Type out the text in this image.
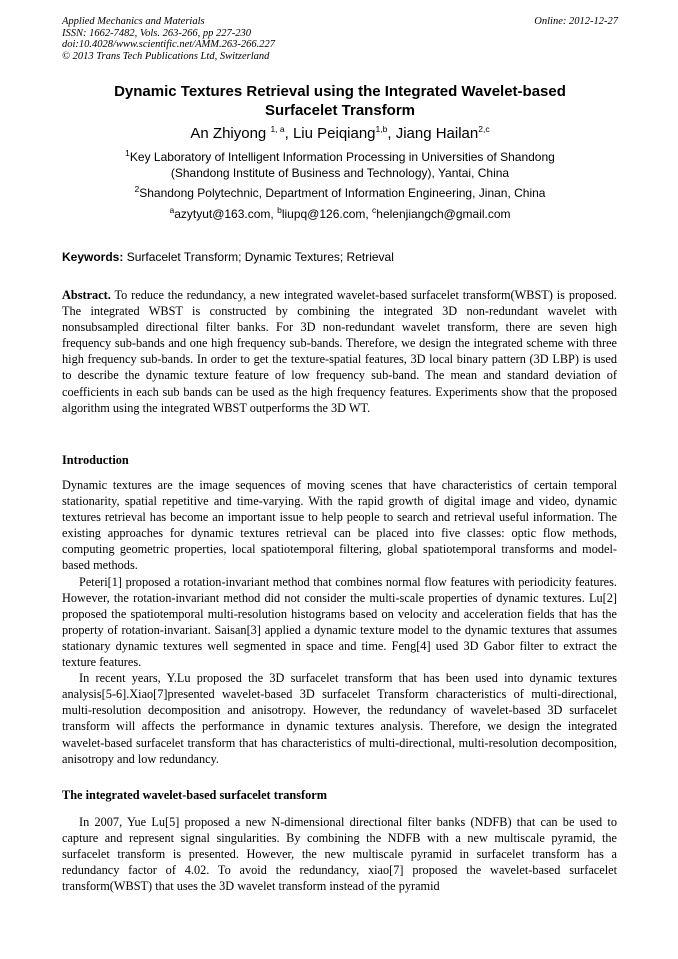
Applied Mechanics and Materials
ISSN: 1662-7482, Vols. 263-266, pp 227-230
doi:10.4028/www.scientific.net/AMM.263-266.227
© 2013 Trans Tech Publications Ltd, Switzerland
Online: 2012-12-27
Dynamic Textures Retrieval using the Integrated Wavelet-based
Surfacelet Transform
An Zhiyong $^{1, a}$, Liu Peiqiang$^{1,b}$, Jiang Hailan$^{2,c}$
$^1$Key Laboratory of Intelligent Information Processing in Universities of Shandong
(Shandong Institute of Business and Technology), Yantai, China
$^2$Shandong Polytechnic, Department of Information Engineering, Jinan, China
$^a$azytyut@163.com, $^b$liupq@126.com, $^c$helenjiangch@gmail.com
Keywords: Surfacelet Transform; Dynamic Textures; Retrieval

Abstract. To reduce the redundancy, a new integrated wavelet-based surfacelet transform(WBST) is proposed. The integrated WBST is constructed by combining the integrated 3D non-redundant wavelet with nonsubsampled directional filter banks. For 3D non-redundant wavelet transform, there are seven high frequency sub-bands and one high frequency sub-bands. Therefore, we design the integrated scheme with three high frequency sub-bands. In order to get the texture-spatial features, 3D local binary pattern (3D LBP) is used to describe the dynamic texture feature of low frequency sub-band. The mean and standard deviation of coefficients in each sub bands can be used as the high frequency features. Experiments show that the proposed algorithm using the integrated WBST outperforms the 3D WT.

Introduction

Dynamic textures are the image sequences of moving scenes that have characteristics of certain temporal stationarity, spatial repetitive and time-varying. With the rapid growth of digital image and video, dynamic textures retrieval has become an important issue to help people to search and retrieval useful information. The existing approaches for dynamic textures retrieval can be placed into five classes: optic flow methods, computing geometric properties, local spatiotemporal filtering, global spatiotemporal transforms and model-based methods.

Peteri[1] proposed a rotation-invariant method that combines normal flow features with periodicity features. However, the rotation-invariant method did not consider the multi-scale properties of dynamic textures. Lu[2] proposed the spatiotemporal multi-resolution histograms based on velocity and acceleration fields that has the property of rotation-invariant. Saisan[3] applied a dynamic texture model to the dynamic textures that assumes stationary dynamic textures well segmented in space and time. Feng[4] used 3D Gabor filter to extract the texture features.

In recent years, Y.Lu proposed the 3D surfacelet transform that has been used into dynamic textures analysis[5-6].Xiao[7]presented wavelet-based 3D surfacelet Transform characteristics of multi-directional, multi-resolution decomposition and anisotropy. However, the redundancy of wavelet-based 3D surfacelet transform will affects the performance in dynamic textures analysis. Therefore, we design the integrated wavelet-based surfacelet transform that has characteristics of multi-directional, multi-resolution decomposition, anisotropy and low redundancy.

The integrated wavelet-based surfacelet transform

In 2007, Yue Lu[5] proposed a new N-dimensional directional filter banks (NDFB) that can be used to capture and represent signal singularities. By combining the NDFB with a new multiscale pyramid, the surfacelet transform is presented. However, the new multiscale pyramid in surfacelet transform has a redundancy factor of 4.02. To avoid the redundancy, xiao[7] proposed the wavelet-based surfacelet transform(WBST) that uses the 3D wavelet transform instead of the pyramid
